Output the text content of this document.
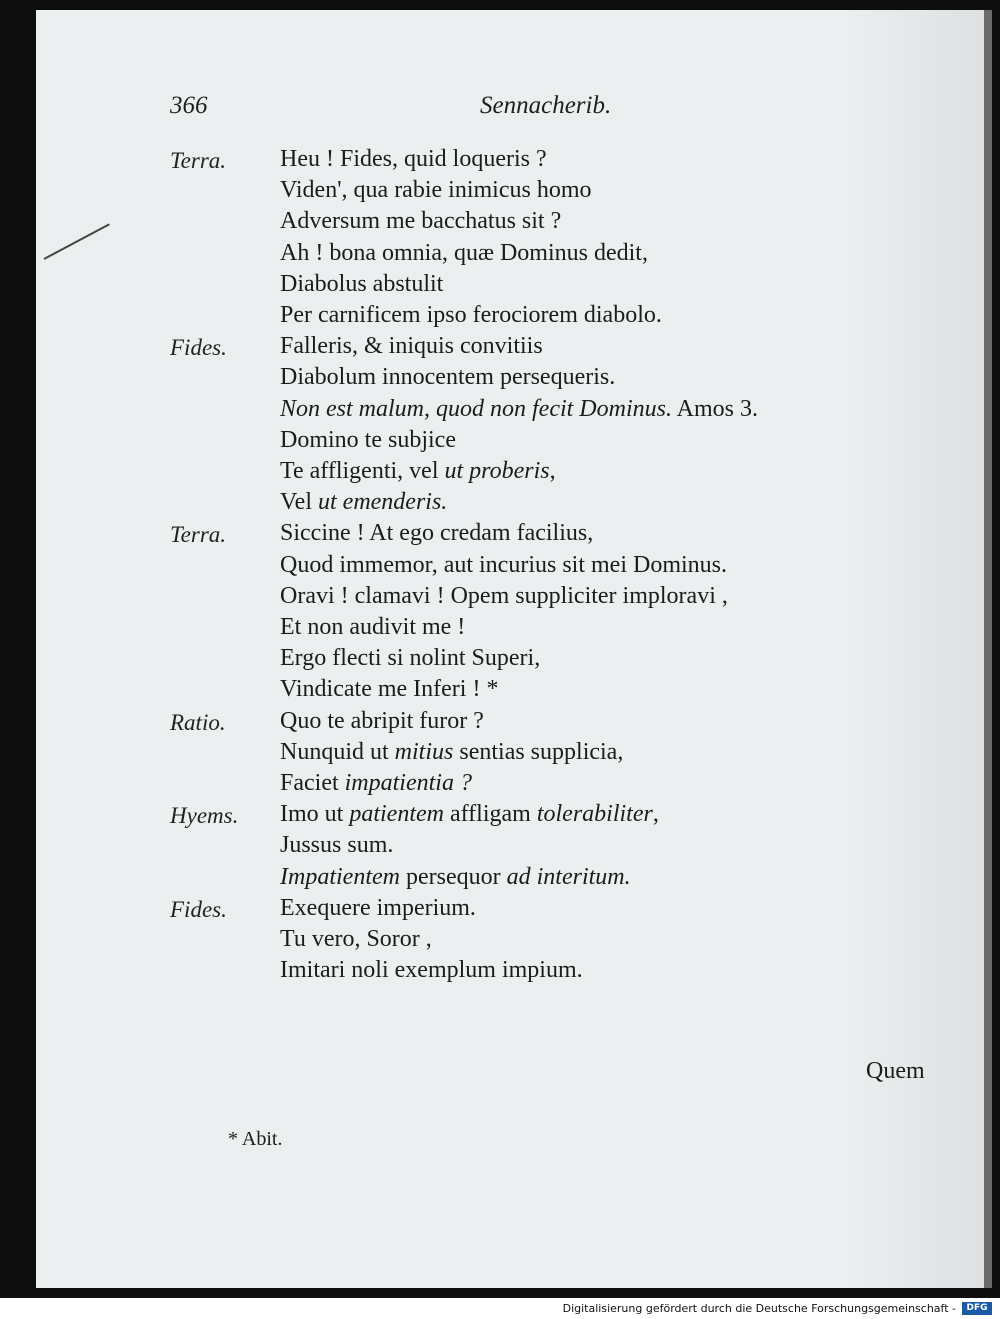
366	Sennacherib.
Terra. Heu ! Fides, quid loqueris ?
Viden', qua rabie inimicus homo
Adversum me bacchatus sit ?
Ah ! bona omnia, quæ Dominus dedit,
Diabolus abstulit
Per carnificem ipso ferociorem diabolo.
Fides. Falleris, & iniquis convitiis
Diabolum innocentem persequeris.
Non est malum, quod non fecit Dominus. Amos 3.
Domino te subjice
Te affligenti, vel ut proberis,
Vel ut emenderis.
Terra. Siccine ! At ego credam facilius,
Quod immemor, aut incurius sit mei Dominus.
Oravi ! clamavi ! Opem suppliciter imploravi ,
Et non audivit me !
Ergo flecti si nolint Superi,
Vindicate me Inferi ! *
Ratio. Quo te abripit furor ?
Nunquid ut mitius sentias supplicia,
Faciet impatientia ?
Hyems. Imo ut patientem affligam tolerabiliter,
Jussus sum.
Impatientem persequor ad interitum.
Fides. Exequere imperium.
Tu vero, Soror ,
Imitari noli exemplum impium.
Quem
* Abit.
Digitalisierung gefördert durch die Deutsche Forschungsgemeinschaft -	DFG
